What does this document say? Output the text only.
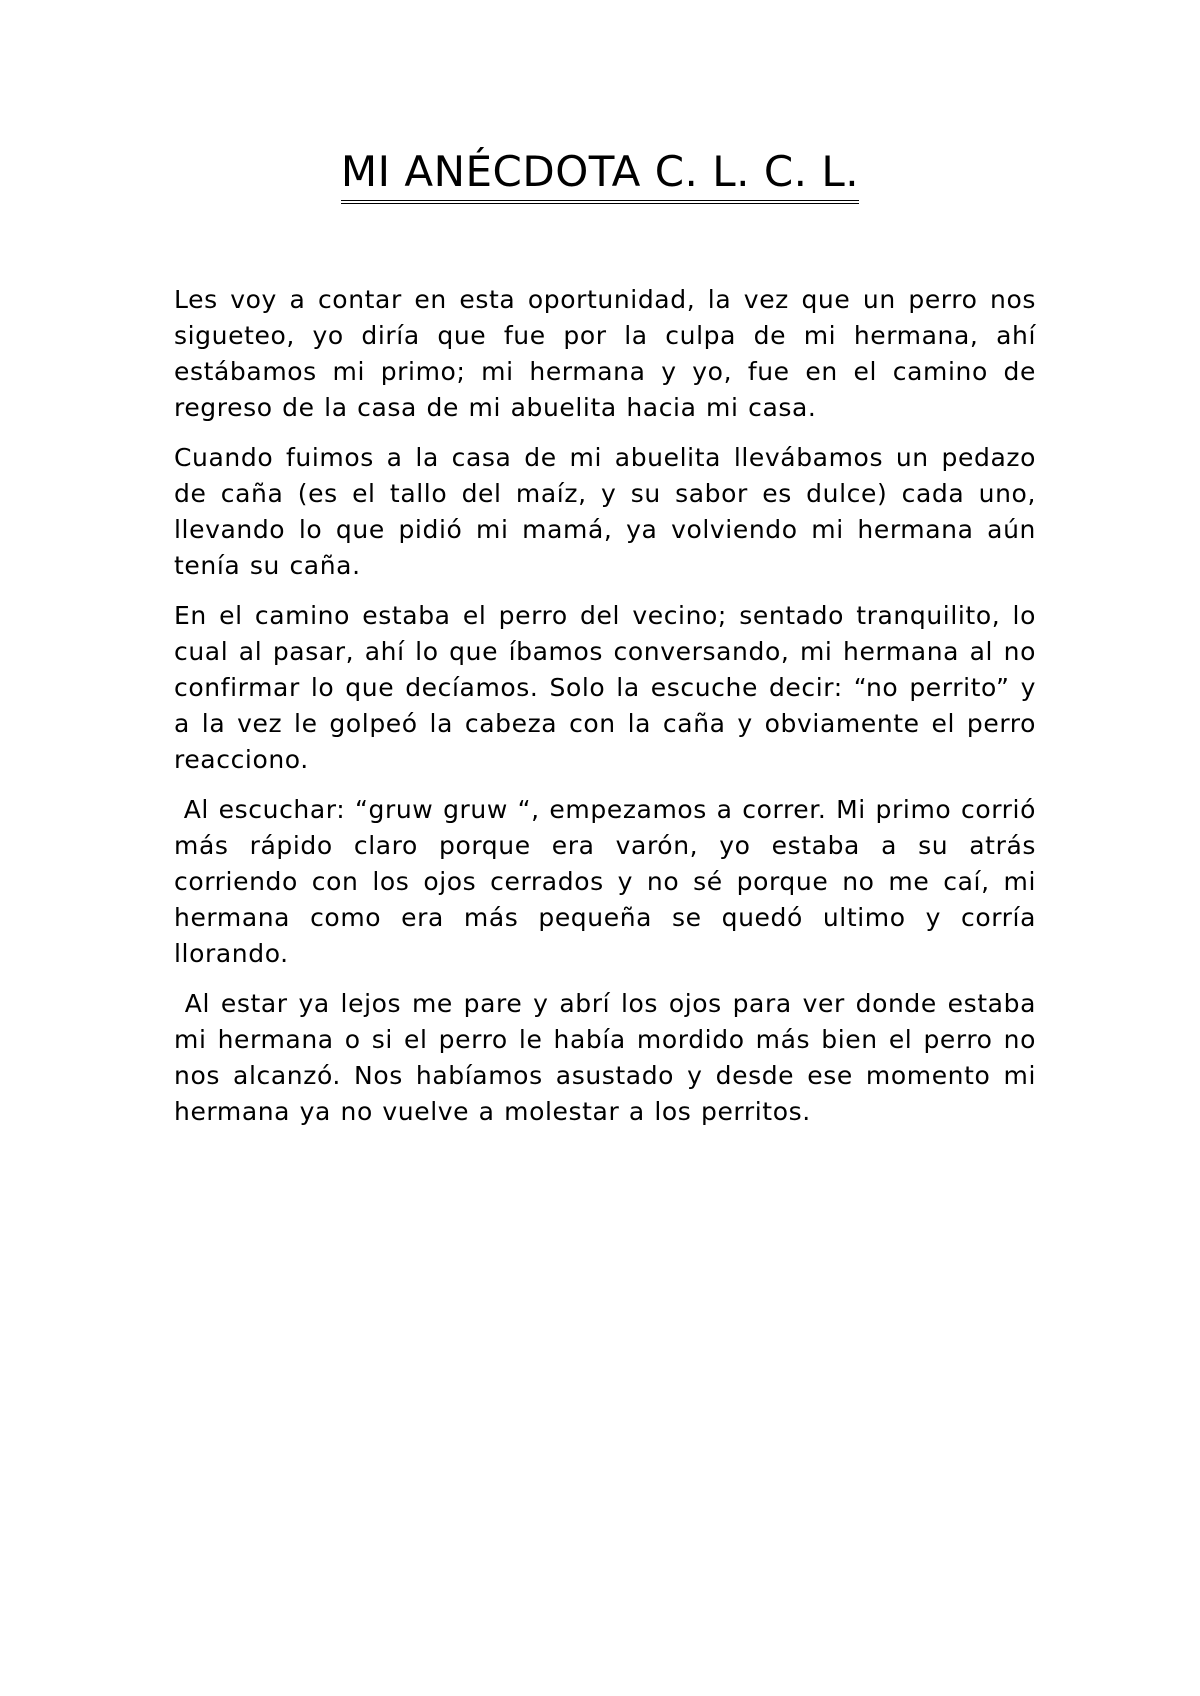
MI ANÉCDOTA C. L. C. L.

Les voy a contar en esta oportunidad, la vez que un perro nos sigueteo, yo diría que fue por la culpa de mi hermana, ahí estábamos mi primo; mi hermana y yo, fue en el camino de regreso de la casa de mi abuelita hacia mi casa.

Cuando fuimos a la casa de mi abuelita llevábamos un pedazo de caña (es el tallo del maíz, y su sabor es dulce) cada uno, llevando lo que pidió mi mamá, ya volviendo mi hermana aún tenía su caña.

En el camino estaba el perro del vecino; sentado tranquilito, lo cual al pasar, ahí lo que íbamos conversando, mi hermana al no confirmar lo que decíamos. Solo la escuche decir: “no perrito” y a la vez le golpeó la cabeza con la caña y obviamente el perro reacciono.

Al escuchar: “gruw gruw “, empezamos a correr. Mi primo corrió más rápido claro porque era varón, yo estaba a su atrás corriendo con los ojos cerrados y no sé porque no me caí, mi hermana como era más pequeña se quedó ultimo y corría llorando.

Al estar ya lejos me pare y abrí los ojos para ver donde estaba mi hermana o si el perro le había mordido más bien el perro no nos alcanzó. Nos habíamos asustado y desde ese momento mi hermana ya no vuelve a molestar a los perritos.
